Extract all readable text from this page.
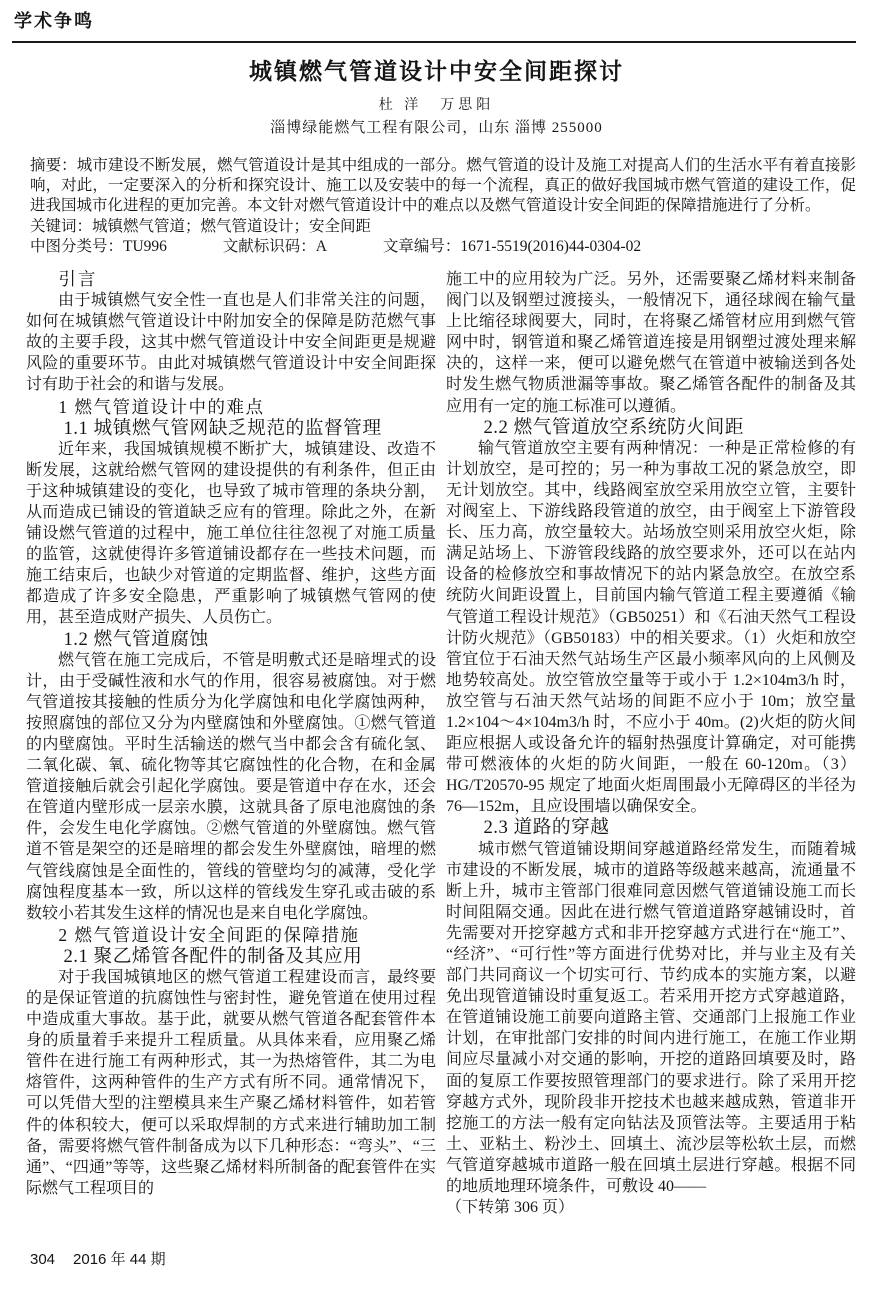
学术争鸣
城镇燃气管道设计中安全间距探讨
杜 洋　万思阳
淄博绿能燃气工程有限公司，山东 淄博 255000

摘要：城市建设不断发展，燃气管道设计是其中组成的一部分。燃气管道的设计及施工对提高人们的生活水平有着直接影响，对此，一定要深入的分析和探究设计、施工以及安装中的每一个流程，真正的做好我国城市燃气管道的建设工作，促进我国城市化进程的更加完善。本文针对燃气管道设计中的难点以及燃气管道设计安全间距的保障措施进行了分析。

关键词：城镇燃气管道；燃气管道设计；安全间距

中图分类号：TU996	文献标识码：A	文章编号：1671-5519(2016)44-0304-02

引言

由于城镇燃气安全性一直也是人们非常关注的问题，如何在城镇燃气管道设计中附加安全的保障是防范燃气事故的主要手段，这其中燃气管道设计中安全间距更是规避风险的重要环节。由此对城镇燃气管道设计中安全间距探讨有助于社会的和谐与发展。

1 燃气管道设计中的难点
1.1 城镇燃气管网缺乏规范的监督管理

近年来，我国城镇规模不断扩大，城镇建设、改造不断发展，这就给燃气管网的建设提供的有利条件，但正由于这种城镇建设的变化，也导致了城市管理的条块分割，从而造成已铺设的管道缺乏应有的管理。除此之外，在新铺设燃气管道的过程中，施工单位往往忽视了对施工质量的监管，这就使得许多管道铺设都存在一些技术问题，而施工结束后，也缺少对管道的定期监督、维护，这些方面都造成了许多安全隐患，严重影响了城镇燃气管网的使用，甚至造成财产损失、人员伤亡。

1.2 燃气管道腐蚀

燃气管在施工完成后，不管是明敷式还是暗埋式的设计，由于受碱性液和水气的作用，很容易被腐蚀。对于燃气管道按其接触的性质分为化学腐蚀和电化学腐蚀两种，按照腐蚀的部位又分为内壁腐蚀和外壁腐蚀。①燃气管道的内壁腐蚀。平时生活输送的燃气当中都会含有硫化氢、二氧化碳、氧、硫化物等其它腐蚀性的化合物，在和金属管道接触后就会引起化学腐蚀。要是管道中存在水，还会在管道内壁形成一层亲水膜，这就具备了原电池腐蚀的条件，会发生电化学腐蚀。②燃气管道的外壁腐蚀。燃气管道不管是架空的还是暗埋的都会发生外壁腐蚀，暗埋的燃气管线腐蚀是全面性的，管线的管壁均匀的减薄，受化学腐蚀程度基本一致，所以这样的管线发生穿孔或击破的系数较小若其发生这样的情况也是来自电化学腐蚀。

2 燃气管道设计安全间距的保障措施
2.1 聚乙烯管各配件的制备及其应用

对于我国城镇地区的燃气管道工程建设而言，最终要的是保证管道的抗腐蚀性与密封性，避免管道在使用过程中造成重大事故。基于此，就要从燃气管道各配套管件本身的质量着手来提升工程质量。从具体来看，应用聚乙烯管件在进行施工有两种形式，其一为热熔管件，其二为电熔管件，这两种管件的生产方式有所不同。通常情况下，可以凭借大型的注塑模具来生产聚乙烯材料管件，如若管件的体积较大，便可以采取焊制的方式来进行辅助加工制备，需要将燃气管件制备成为以下几种形态：“弯头”、“三通”、“四通”等等，这些聚乙烯材料所制备的配套管件在实际燃气工程项目的

施工中的应用较为广泛。另外，还需要聚乙烯材料来制备阀门以及钢塑过渡接头，一般情况下，通径球阀在输气量上比缩径球阀要大，同时，在将聚乙烯管材应用到燃气管网中时，钢管道和聚乙烯管道连接是用钢塑过渡处理来解决的，这样一来，便可以避免燃气在管道中被输送到各处时发生燃气物质泄漏等事故。聚乙烯管各配件的制备及其应用有一定的施工标准可以遵循。

2.2 燃气管道放空系统防火间距

输气管道放空主要有两种情况：一种是正常检修的有计划放空，是可控的；另一种为事故工况的紧急放空，即无计划放空。其中，线路阀室放空采用放空立管，主要针对阀室上、下游线路段管道的放空，由于阀室上下游管段长、压力高，放空量较大。站场放空则采用放空火炬，除满足站场上、下游管段线路的放空要求外，还可以在站内设备的检修放空和事故情况下的站内紧急放空。在放空系统防火间距设置上，目前国内输气管道工程主要遵循《输气管道工程设计规范》（GB50251）和《石油天然气工程设计防火规范》（GB50183）中的相关要求。（1）火炬和放空管宜位于石油天然气站场生产区最小频率风向的上风侧及地势较高处。放空管放空量等于或小于 1.2×104m3/h 时，放空管与石油天然气站场的间距不应小于 10m；放空量 1.2×104～4×104m3/h 时，不应小于 40m。(2)火炬的防火间距应根据人或设备允许的辐射热强度计算确定，对可能携带可燃液体的火炬的防火间距，一般在 60-120m。（3）HG/T20570-95 规定了地面火炬周围最小无障碍区的半径为 76—152m，且应设围墙以确保安全。

2.3 道路的穿越

城市燃气管道铺设期间穿越道路经常发生，而随着城市建设的不断发展，城市的道路等级越来越高，流通量不断上升，城市主管部门很难同意因燃气管道铺设施工而长时间阻隔交通。因此在进行燃气管道道路穿越铺设时，首先需要对开挖穿越方式和非开挖穿越方式进行在“施工”、“经济”、“可行性”等方面进行优势对比，并与业主及有关部门共同商议一个切实可行、节约成本的实施方案，以避免出现管道铺设时重复返工。若采用开挖方式穿越道路，在管道铺设施工前要向道路主管、交通部门上报施工作业计划，在审批部门安排的时间内进行施工，在施工作业期间应尽量减小对交通的影响，开挖的道路回填要及时，路面的复原工作要按照管理部门的要求进行。除了采用开挖穿越方式外，现阶段非开挖技术也越来越成熟，管道非开挖施工的方法一般有定向钻法及顶管法等。主要适用于粘土、亚粘土、粉沙土、回填土、流沙层等松软土层，而燃气管道穿越城市道路一般在回填土层进行穿越。根据不同的地质地理环境条件，可敷设 40——

（下转第 306 页）

304 2016 年 44 期
